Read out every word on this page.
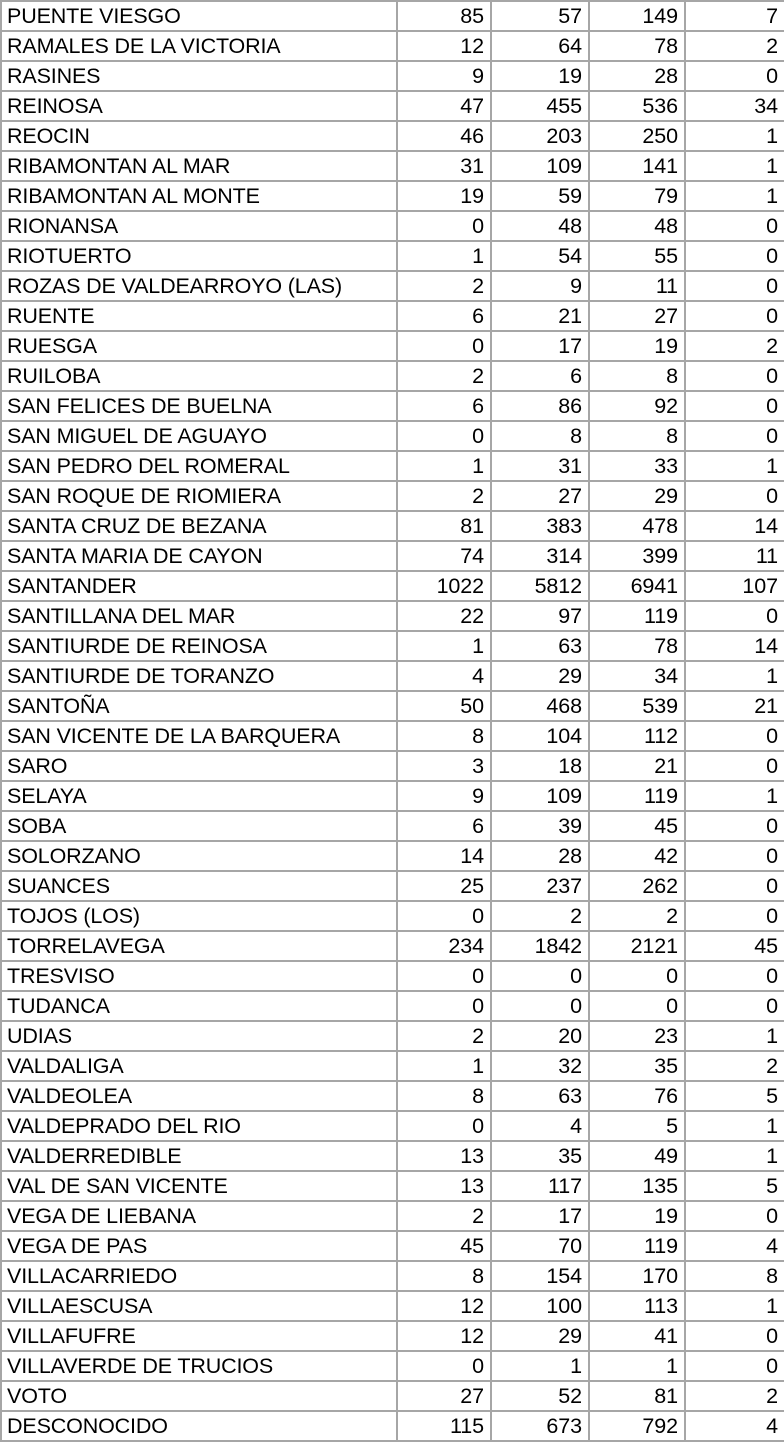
PUENTE VIESGO	85	57	149	7
RAMALES DE LA VICTORIA	12	64	78	2
RASINES	9	19	28	0
REINOSA	47	455	536	34
REOCIN	46	203	250	1
RIBAMONTAN AL MAR	31	109	141	1
RIBAMONTAN AL MONTE	19	59	79	1
RIONANSA	0	48	48	0
RIOTUERTO	1	54	55	0
ROZAS DE VALDEARROYO (LAS)	2	9	11	0
RUENTE	6	21	27	0
RUESGA	0	17	19	2
RUILOBA	2	6	8	0
SAN FELICES DE BUELNA	6	86	92	0
SAN MIGUEL DE AGUAYO	0	8	8	0
SAN PEDRO DEL ROMERAL	1	31	33	1
SAN ROQUE DE RIOMIERA	2	27	29	0
SANTA CRUZ DE BEZANA	81	383	478	14
SANTA MARIA DE CAYON	74	314	399	11
SANTANDER	1022	5812	6941	107
SANTILLANA DEL MAR	22	97	119	0
SANTIURDE DE REINOSA	1	63	78	14
SANTIURDE DE TORANZO	4	29	34	1
SANTOÑA	50	468	539	21
SAN VICENTE DE LA BARQUERA	8	104	112	0
SARO	3	18	21	0
SELAYA	9	109	119	1
SOBA	6	39	45	0
SOLORZANO	14	28	42	0
SUANCES	25	237	262	0
TOJOS (LOS)	0	2	2	0
TORRELAVEGA	234	1842	2121	45
TRESVISO	0	0	0	0
TUDANCA	0	0	0	0
UDIAS	2	20	23	1
VALDALIGA	1	32	35	2
VALDEOLEA	8	63	76	5
VALDEPRADO DEL RIO	0	4	5	1
VALDERREDIBLE	13	35	49	1
VAL DE SAN VICENTE	13	117	135	5
VEGA DE LIEBANA	2	17	19	0
VEGA DE PAS	45	70	119	4
VILLACARRIEDO	8	154	170	8
VILLAESCUSA	12	100	113	1
VILLAFUFRE	12	29	41	0
VILLAVERDE DE TRUCIOS	0	1	1	0
VOTO	27	52	81	2
DESCONOCIDO	115	673	792	4
